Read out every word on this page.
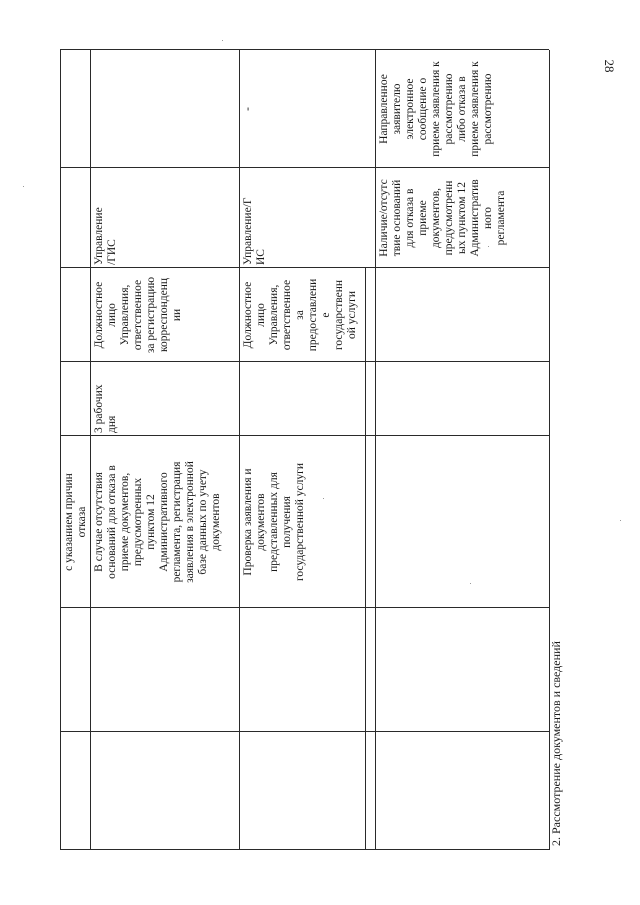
28
с указанием причин
отказа
В случае отсутствия
оснований для отказа в
приеме документов,
предусмотренных
пунктом 12
Административного
регламента, регистрация
заявления в электронной
базе данных по учету
документов
3 рабочих дня
Должностное
лицо
Управления,
ответственное
за регистрацию
корреспонденц
ии
Управление
/ГИС
Проверка заявления и
документов
представленных для
получения
государственной услуги
Должностное
лицо
Управления,
ответственное
за
предоставлени
е
государственн
ой услуги
Управление/Г
ИС
-
Наличие/отсутс
твие оснований
для отказа в
приеме
документов,
предусмотренн
ых пунктом 12
Административ
ного
регламента
Направленное
заявителю
электронное
сообщение о
приеме заявления к
рассмотрению
либо отказа в
приеме заявления к
рассмотрению
2. Рассмотрение документов и сведений
